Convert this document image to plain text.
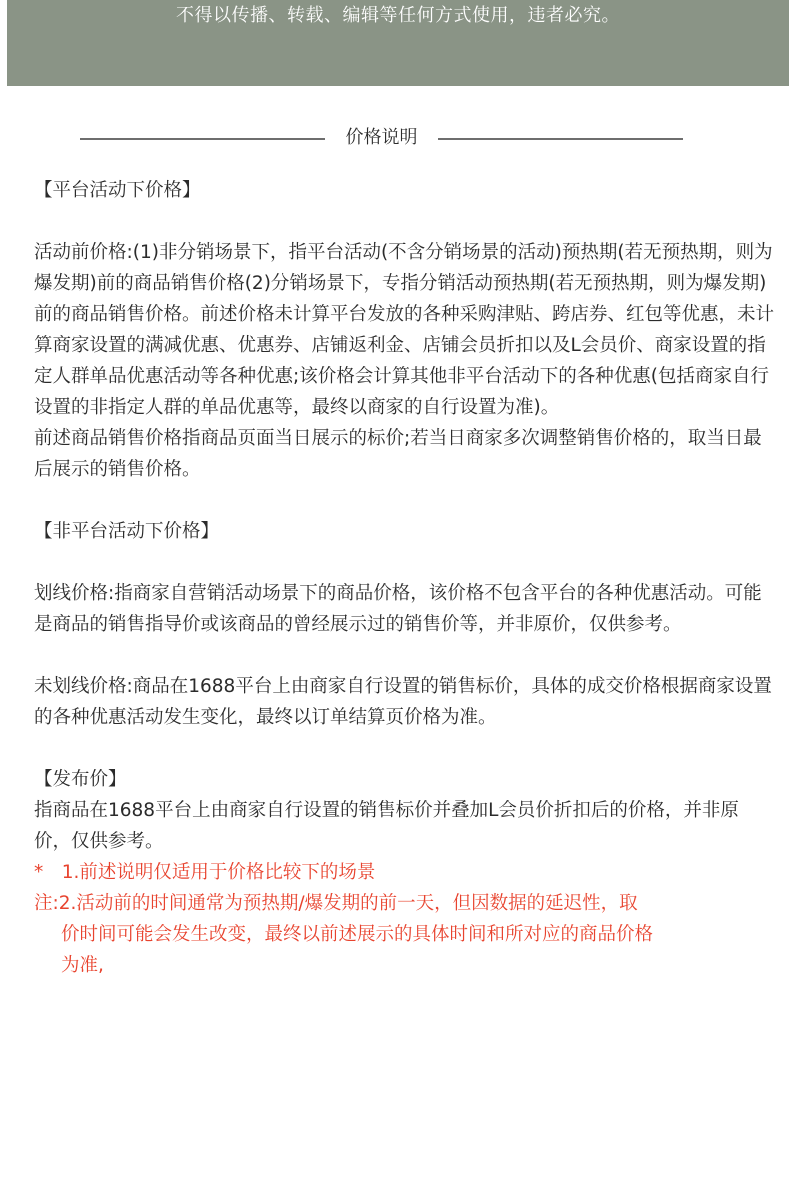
不得以传播、转载、编辑等任何方式使用，违者必究。
价格说明

【平台活动下价格】

活动前价格:(1)非分销场景下，指平台活动(不含分销场景的活动)预热期(若无预热期，则为爆发期)前的商品销售价格(2)分销场景下，专指分销活动预热期(若无预热期，则为爆发期)前的商品销售价格。前述价格未计算平台发放的各种采购津贴、跨店券、红包等优惠，未计算商家设置的满减优惠、优惠券、店铺返利金、店铺会员折扣以及L会员价、商家设置的指定人群单品优惠活动等各种优惠;该价格会计算其他非平台活动下的各种优惠(包括商家自行设置的非指定人群的单品优惠等，最终以商家的自行设置为准)。

前述商品销售价格指商品页面当日展示的标价;若当日商家多次调整销售价格的，取当日最后展示的销售价格。

【非平台活动下价格】

划线价格:指商家自营销活动场景下的商品价格，该价格不包含平台的各种优惠活动。可能是商品的销售指导价或该商品的曾经展示过的销售价等，并非原价，仅供参考。

未划线价格:商品在1688平台上由商家自行设置的销售标价，具体的成交价格根据商家设置的各种优惠活动发生变化，最终以订单结算页价格为准。

【发布价】

指商品在1688平台上由商家自行设置的销售标价并叠加L会员价折扣后的价格，并非原价，仅供参考。

*　1.前述说明仅适用于价格比较下的场景

注:2.活动前的时间通常为预热期/爆发期的前一天，但因数据的延迟性，取

价时间可能会发生改变，最终以前述展示的具体时间和所对应的商品价格

为准,
